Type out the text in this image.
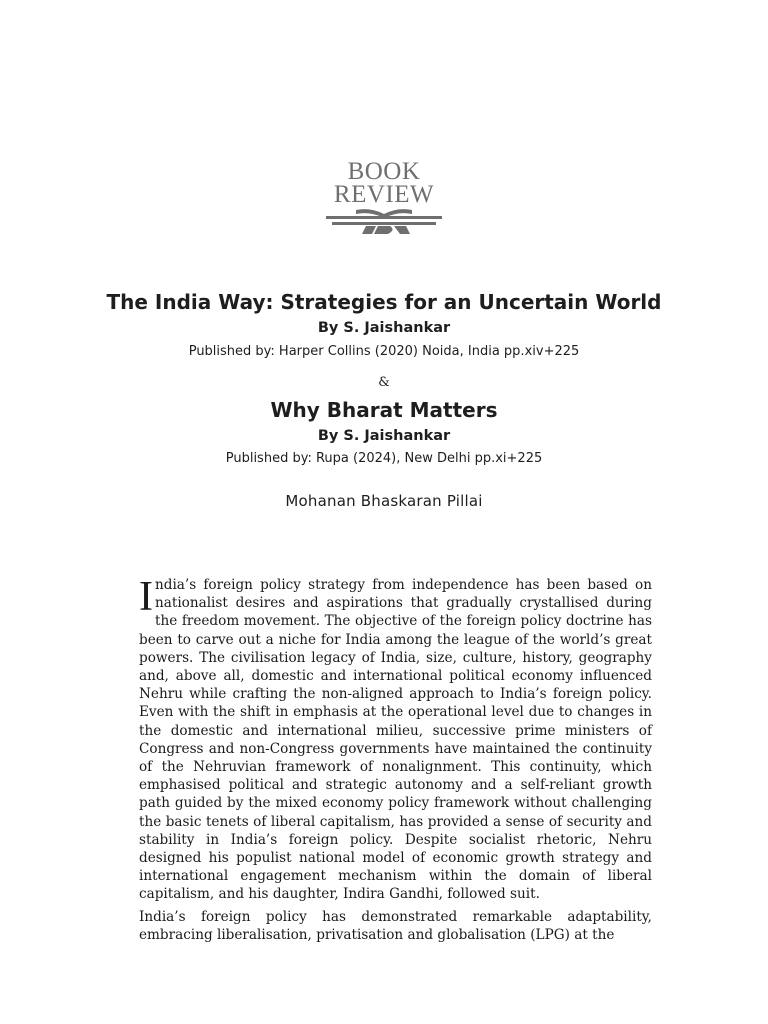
BOOK
REVIEW

The India Way: Strategies for an Uncertain World

By S. Jaishankar

Published by: Harper Collins (2020) Noida, India pp.xiv+225

&

Why Bharat Matters

By S. Jaishankar

Published by: Rupa (2024), New Delhi pp.xi+225

Mohanan Bhaskaran Pillai

India’s foreign policy strategy from independence has been based on nationalist desires and aspirations that gradually crystallised during the freedom movement. The objective of the foreign policy doctrine has been to carve out a niche for India among the league of the world’s great powers. The civilisation legacy of India, size, culture, history, geography and, above all, domestic and international political economy influenced Nehru while crafting the non-aligned approach to India’s foreign policy. Even with the shift in emphasis at the operational level due to changes in the domestic and international milieu, successive prime ministers of Congress and non-Congress governments have maintained the continuity of the Nehruvian framework of nonalignment. This continuity, which emphasised political and strategic autonomy and a self-reliant growth path guided by the mixed economy policy framework without challenging the basic tenets of liberal capitalism, has provided a sense of security and stability in India’s foreign policy. Despite socialist rhetoric, Nehru designed his populist national model of economic growth strategy and international engagement mechanism within the domain of liberal capitalism, and his daughter, Indira Gandhi, followed suit.

India’s foreign policy has demonstrated remarkable adaptability, embracing liberalisation, privatisation and globalisation (LPG) at the
